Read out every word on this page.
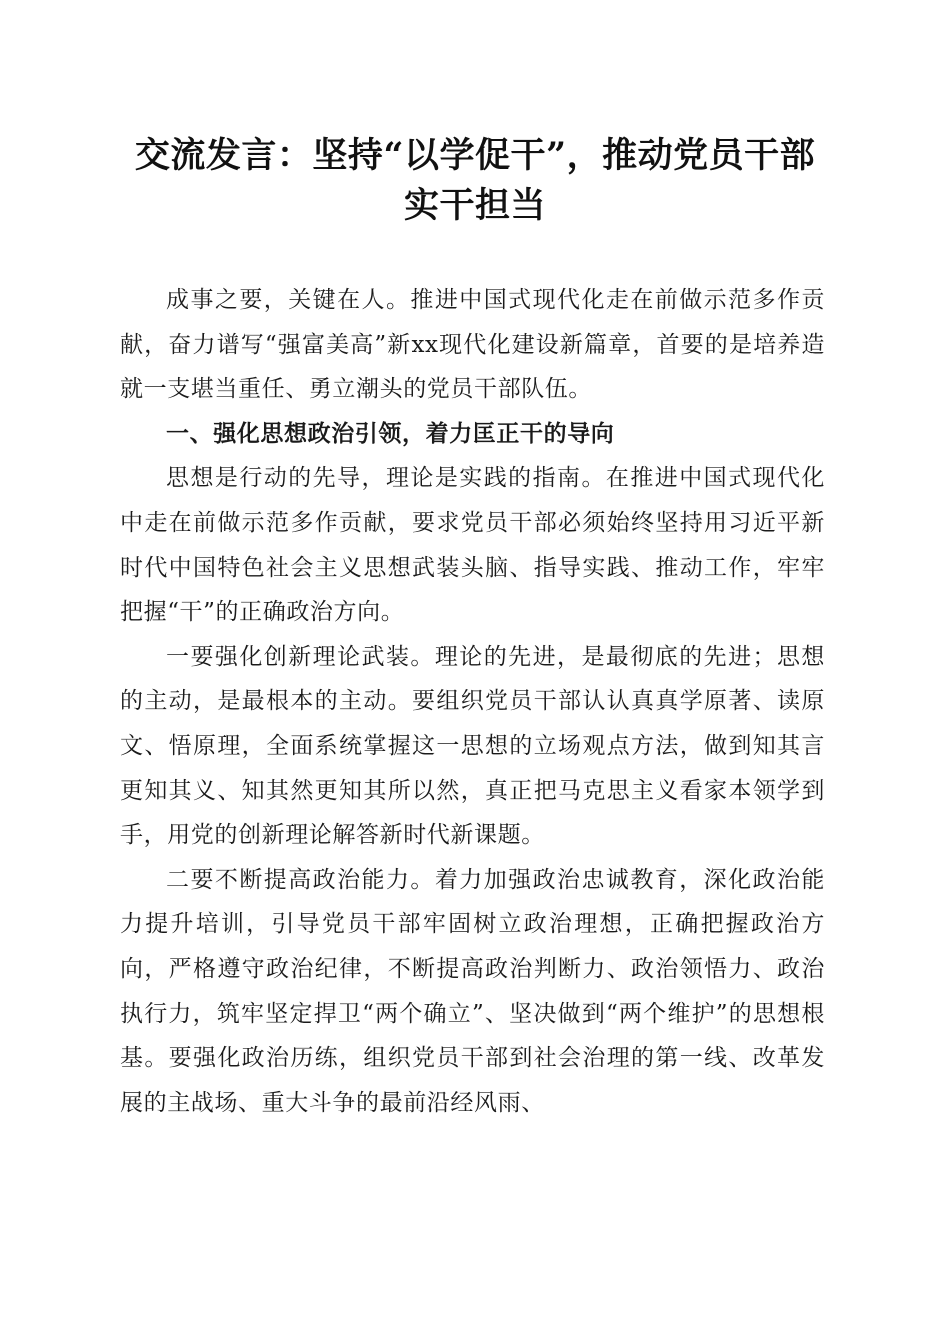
交流发言：坚持“以学促干”，推动党员干部
实干担当

成事之要，关键在人。推进中国式现代化走在前做示范多作贡献，奋力谱写“强富美高”新xx现代化建设新篇章，首要的是培养造就一支堪当重任、勇立潮头的党员干部队伍。

一、强化思想政治引领，着力匡正干的导向

思想是行动的先导，理论是实践的指南。在推进中国式现代化中走在前做示范多作贡献，要求党员干部必须始终坚持用习近平新时代中国特色社会主义思想武装头脑、指导实践、推动工作，牢牢把握“干”的正确政治方向。

一要强化创新理论武装。理论的先进，是最彻底的先进；思想的主动，是最根本的主动。要组织党员干部认认真真学原著、读原文、悟原理，全面系统掌握这一思想的立场观点方法，做到知其言更知其义、知其然更知其所以然，真正把马克思主义看家本领学到手，用党的创新理论解答新时代新课题。

二要不断提高政治能力。着力加强政治忠诚教育，深化政治能力提升培训，引导党员干部牢固树立政治理想，正确把握政治方向，严格遵守政治纪律，不断提高政治判断力、政治领悟力、政治执行力，筑牢坚定捍卫“两个确立”、坚决做到“两个维护”的思想根基。要强化政治历练，组织党员干部到社会治理的第一线、改革发展的主战场、重大斗争的最前沿经风雨、
